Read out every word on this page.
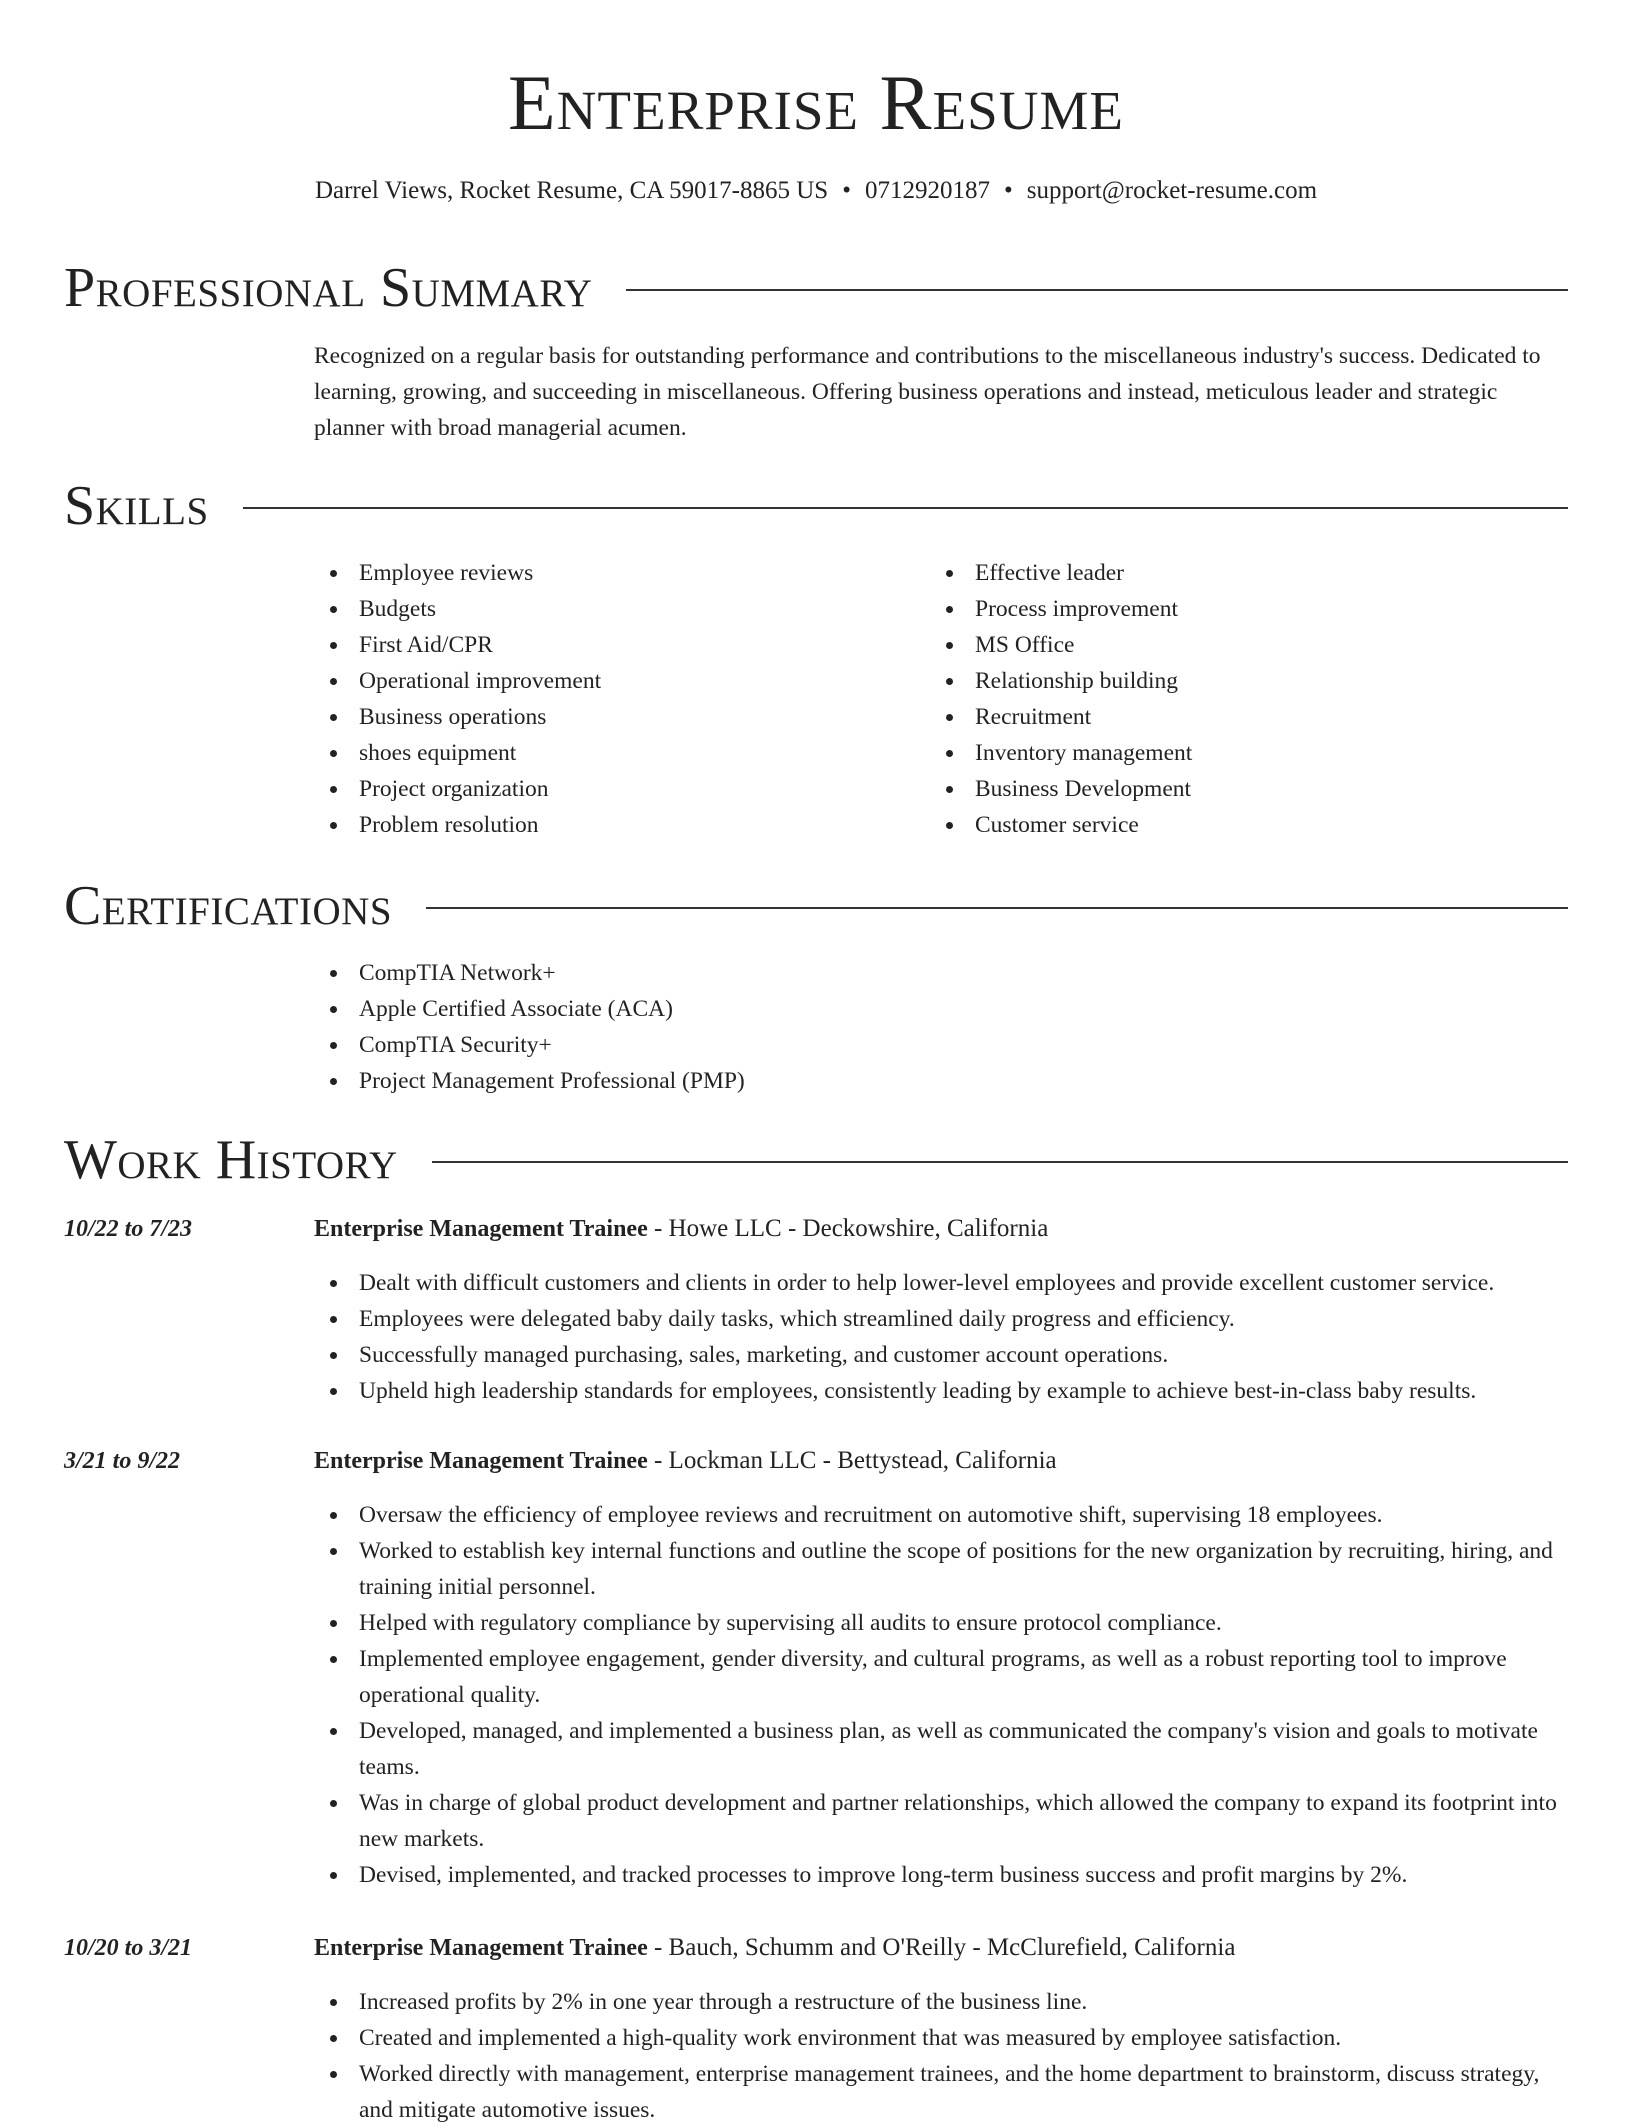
Enterprise Resume
Darrel Views, Rocket Resume, CA 59017-8865 US • 0712920187 • support@rocket-resume.com
Professional Summary

Recognized on a regular basis for outstanding performance and contributions to the miscellaneous industry's success. Dedicated to learning, growing, and succeeding in miscellaneous. Offering business operations and instead, meticulous leader and strategic planner with broad managerial acumen.

Skills
Employee reviews
Budgets
First Aid/CPR
Operational improvement
Business operations
shoes equipment
Project organization
Problem resolution
Effective leader
Process improvement
MS Office
Relationship building
Recruitment
Inventory management
Business Development
Customer service
Certifications
CompTIA Network+
Apple Certified Associate (ACA)
CompTIA Security+
Project Management Professional (PMP)
Work History
10/22 to 7/23	Enterprise Management Trainee - Howe LLC - Deckowshire, California
Dealt with difficult customers and clients in order to help lower-level employees and provide excellent customer service.
Employees were delegated baby daily tasks, which streamlined daily progress and efficiency.
Successfully managed purchasing, sales, marketing, and customer account operations.
Upheld high leadership standards for employees, consistently leading by example to achieve best-in-class baby results.
3/21 to 9/22	Enterprise Management Trainee - Lockman LLC - Bettystead, California
Oversaw the efficiency of employee reviews and recruitment on automotive shift, supervising 18 employees.
Worked to establish key internal functions and outline the scope of positions for the new organization by recruiting, hiring, and training initial personnel.
Helped with regulatory compliance by supervising all audits to ensure protocol compliance.
Implemented employee engagement, gender diversity, and cultural programs, as well as a robust reporting tool to improve operational quality.
Developed, managed, and implemented a business plan, as well as communicated the company's vision and goals to motivate teams.
Was in charge of global product development and partner relationships, which allowed the company to expand its footprint into new markets.
Devised, implemented, and tracked processes to improve long-term business success and profit margins by 2%.
10/20 to 3/21	Enterprise Management Trainee - Bauch, Schumm and O'Reilly - McClurefield, California
Increased profits by 2% in one year through a restructure of the business line.
Created and implemented a high-quality work environment that was measured by employee satisfaction.
Worked directly with management, enterprise management trainees, and the home department to brainstorm, discuss strategy, and mitigate automotive issues.
